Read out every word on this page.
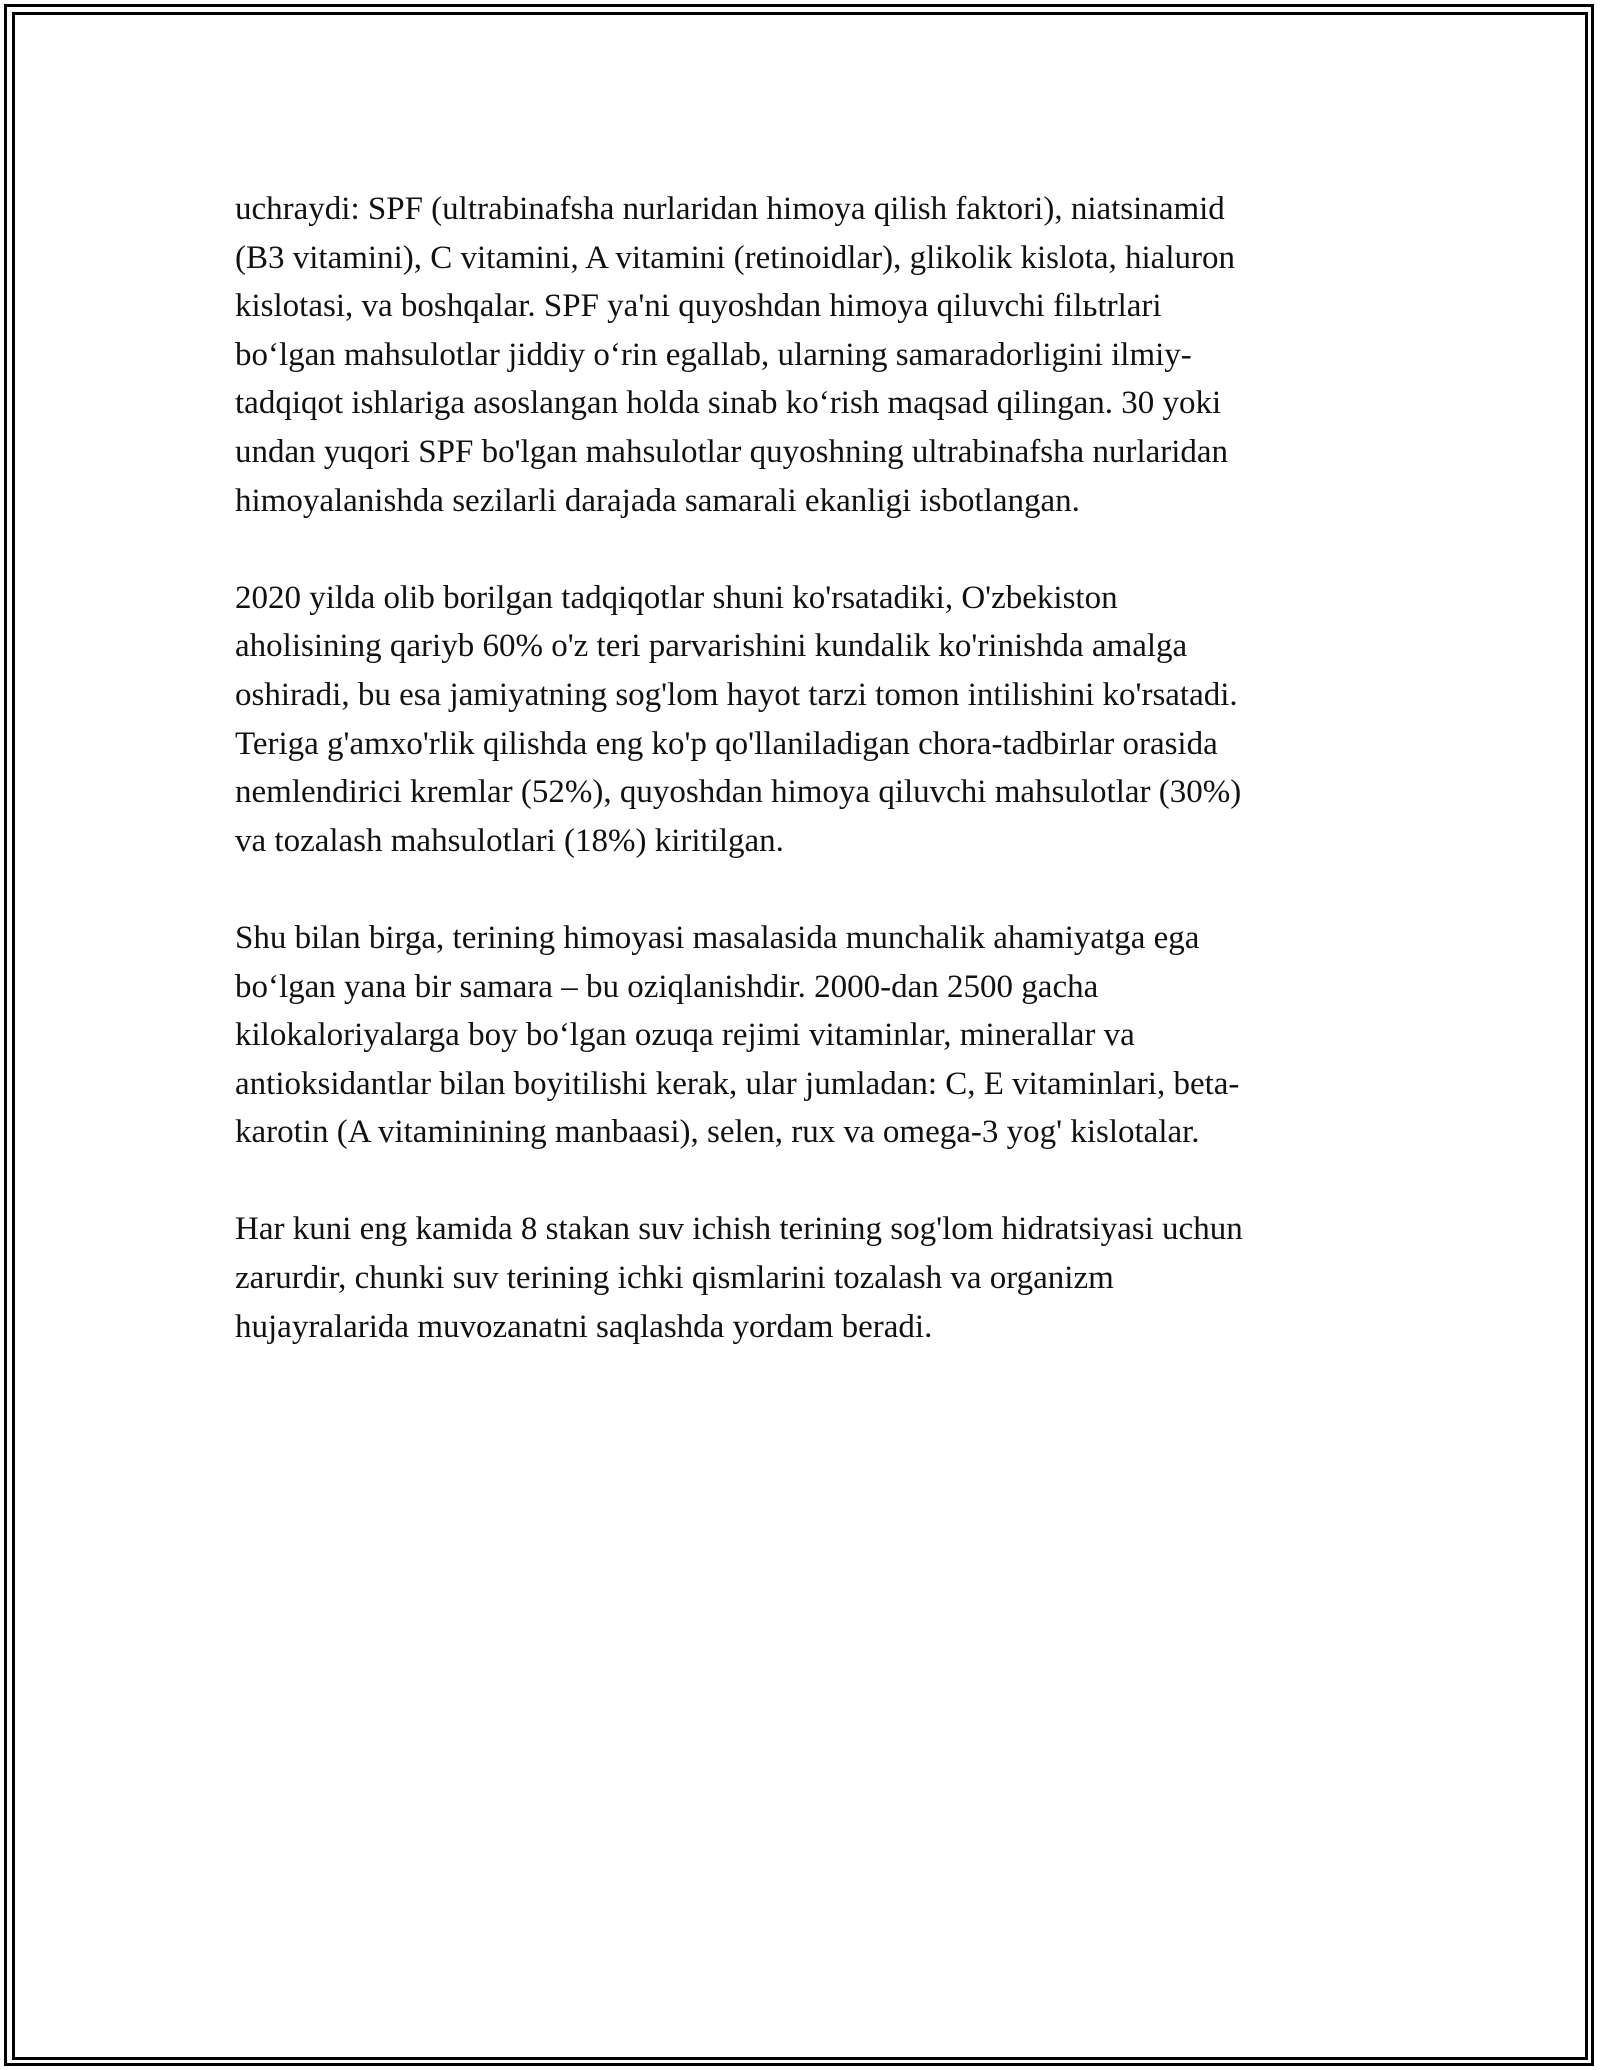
uchraydi: SPF (ultrabinafsha nurlaridan himoya qilish faktori), niatsinamid
(B3 vitamini), C vitamini, A vitamini (retinoidlar), glikolik kislota, hialuron
kislotasi, va boshqalar. SPF ya'ni quyoshdan himoya qiluvchi filьtrlari
bo‘lgan mahsulotlar jiddiy o‘rin egallab, ularning samaradorligini ilmiy-
tadqiqot ishlariga asoslangan holda sinab ko‘rish maqsad qilingan. 30 yoki
undan yuqori SPF bo'lgan mahsulotlar quyoshning ultrabinafsha nurlaridan
himoyalanishda sezilarli darajada samarali ekanligi isbotlangan.

2020 yilda olib borilgan tadqiqotlar shuni ko'rsatadiki, O'zbekiston
aholisining qariyb 60% o'z teri parvarishini kundalik ko'rinishda amalga
oshiradi, bu esa jamiyatning sog'lom hayot tarzi tomon intilishini ko'rsatadi.
Teriga g'amxo'rlik qilishda eng ko'p qo'llaniladigan chora-tadbirlar orasida
nemlendirici kremlar (52%), quyoshdan himoya qiluvchi mahsulotlar (30%)
va tozalash mahsulotlari (18%) kiritilgan.

Shu bilan birga, terining himoyasi masalasida munchalik ahamiyatga ega
bo‘lgan yana bir samara – bu oziqlanishdir. 2000-dan 2500 gacha
kilokaloriyalarga boy bo‘lgan ozuqa rejimi vitaminlar, minerallar va
antioksidantlar bilan boyitilishi kerak, ular jumladan: C, E vitaminlari, beta-
karotin (A vitaminining manbaasi), selen, rux va omega-3 yog' kislotalar.

Har kuni eng kamida 8 stakan suv ichish terining sog'lom hidratsiyasi uchun
zarurdir, chunki suv terining ichki qismlarini tozalash va organizm
hujayralarida muvozanatni saqlashda yordam beradi.
